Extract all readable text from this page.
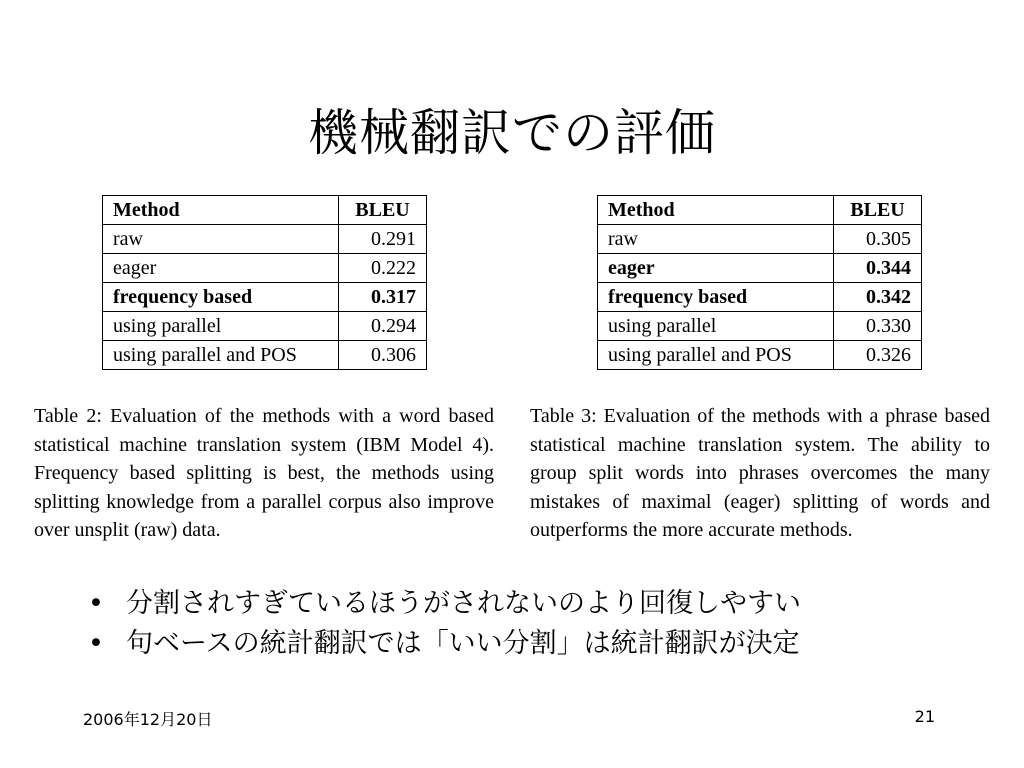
機械翻訳での評価
Method	BLEU
raw	0.291
eager	0.222
frequency based	0.317
using parallel	0.294
using parallel and POS	0.306
Method	BLEU
raw	0.305
eager	0.344
frequency based	0.342
using parallel	0.330
using parallel and POS	0.326

Table 2: Evaluation of the methods with a word based statistical machine translation system (IBM Model 4). Frequency based splitting is best, the methods using splitting knowledge from a parallel corpus also improve over unsplit (raw) data.

Table 3: Evaluation of the methods with a phrase based statistical machine translation system. The ability to group split words into phrases overcomes the many mistakes of maximal (eager) splitting of words and outperforms the more accurate methods.

• 分割されすぎているほうがされないのより回復しやすい
• 句ベースの統計翻訳では「いい分割」は統計翻訳が決定
2006年12月20日	21
